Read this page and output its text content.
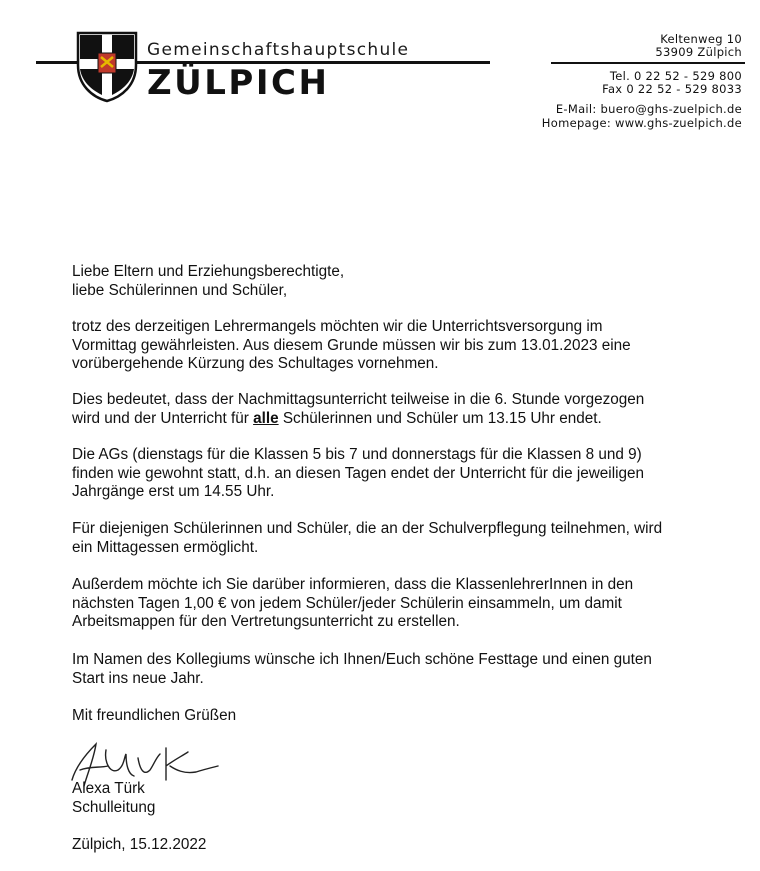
Gemeinschaftshauptschule
ZÜLPICH
Keltenweg 10
53909 Zülpich
Tel. 0 22 52 - 529 800
Fax 0 22 52 - 529 8033
E-Mail: buero@ghs-zuelpich.de
Homepage: www.ghs-zuelpich.de

Liebe Eltern und Erziehungsberechtigte,

liebe Schülerinnen und Schüler,

trotz des derzeitigen Lehrermangels möchten wir die Unterrichtsversorgung im

Vormittag gewährleisten. Aus diesem Grunde müssen wir bis zum 13.01.2023 eine

vorübergehende Kürzung des Schultages vornehmen.

Dies bedeutet, dass der Nachmittagsunterricht teilweise in die 6. Stunde vorgezogen

wird und der Unterricht für alle Schülerinnen und Schüler um 13.15 Uhr endet.

Die AGs (dienstags für die Klassen 5 bis 7 und donnerstags für die Klassen 8 und 9)

finden wie gewohnt statt, d.h. an diesen Tagen endet der Unterricht für die jeweiligen

Jahrgänge erst um 14.55 Uhr.

Für diejenigen Schülerinnen und Schüler, die an der Schulverpflegung teilnehmen, wird

ein Mittagessen ermöglicht.

Außerdem möchte ich Sie darüber informieren, dass die KlassenlehrerInnen in den

nächsten Tagen 1,00 € von jedem Schüler/jeder Schülerin einsammeln, um damit

Arbeitsmappen für den Vertretungsunterricht zu erstellen.

Im Namen des Kollegiums wünsche ich Ihnen/Euch schöne Festtage und einen guten

Start ins neue Jahr.

Mit freundlichen Grüßen
Alexa Türk
Schulleitung
Zülpich, 15.12.2022
